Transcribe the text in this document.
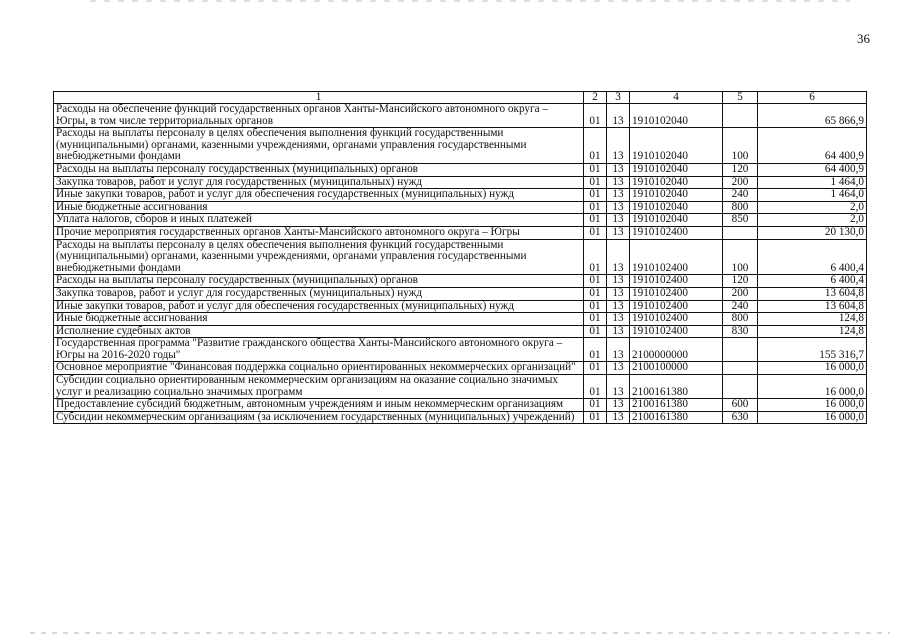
36
1	2	3	4	5	6
Расходы на обеспечение функций государственных органов Ханты-Мансийского автономного округа – Югры, в том числе территориальных органов	01	13	1910102040		65 866,9
Расходы на выплаты персоналу в целях обеспечения выполнения функций государственными (муниципальными) органами, казенными учреждениями, органами управления государственными внебюджетными фондами	01	13	1910102040	100	64 400,9
Расходы на выплаты персоналу государственных (муниципальных) органов	01	13	1910102040	120	64 400,9
Закупка товаров, работ и услуг для государственных (муниципальных) нужд	01	13	1910102040	200	1 464,0
Иные закупки товаров, работ и услуг для обеспечения государственных (муниципальных) нужд	01	13	1910102040	240	1 464,0
Иные бюджетные ассигнования	01	13	1910102040	800	2,0
Уплата налогов, сборов и иных платежей	01	13	1910102040	850	2,0
Прочие мероприятия государственных органов Ханты-Мансийского автономного округа – Югры	01	13	1910102400		20 130,0
Расходы на выплаты персоналу в целях обеспечения выполнения функций государственными (муниципальными) органами, казенными учреждениями, органами управления государственными внебюджетными фондами	01	13	1910102400	100	6 400,4
Расходы на выплаты персоналу государственных (муниципальных) органов	01	13	1910102400	120	6 400,4
Закупка товаров, работ и услуг для государственных (муниципальных) нужд	01	13	1910102400	200	13 604,8
Иные закупки товаров, работ и услуг для обеспечения государственных (муниципальных) нужд	01	13	1910102400	240	13 604,8
Иные бюджетные ассигнования	01	13	1910102400	800	124,8
Исполнение судебных актов	01	13	1910102400	830	124,8
Государственная программа "Развитие гражданского общества Ханты-Мансийского автономного округа – Югры на 2016-2020 годы"	01	13	2100000000		155 316,7
Основное мероприятие "Финансовая поддержка социально ориентированных некоммерческих организаций"	01	13	2100100000		16 000,0
Субсидии социально ориентированным некоммерческим организациям на оказание социально значимых услуг и реализацию социально значимых программ	01	13	2100161380		16 000,0
Предоставление субсидий бюджетным, автономным учреждениям и иным некоммерческим организациям	01	13	2100161380	600	16 000,0
Субсидии некоммерческим организациям (за исключением государственных (муниципальных) учреждений)	01	13	2100161380	630	16 000,0
